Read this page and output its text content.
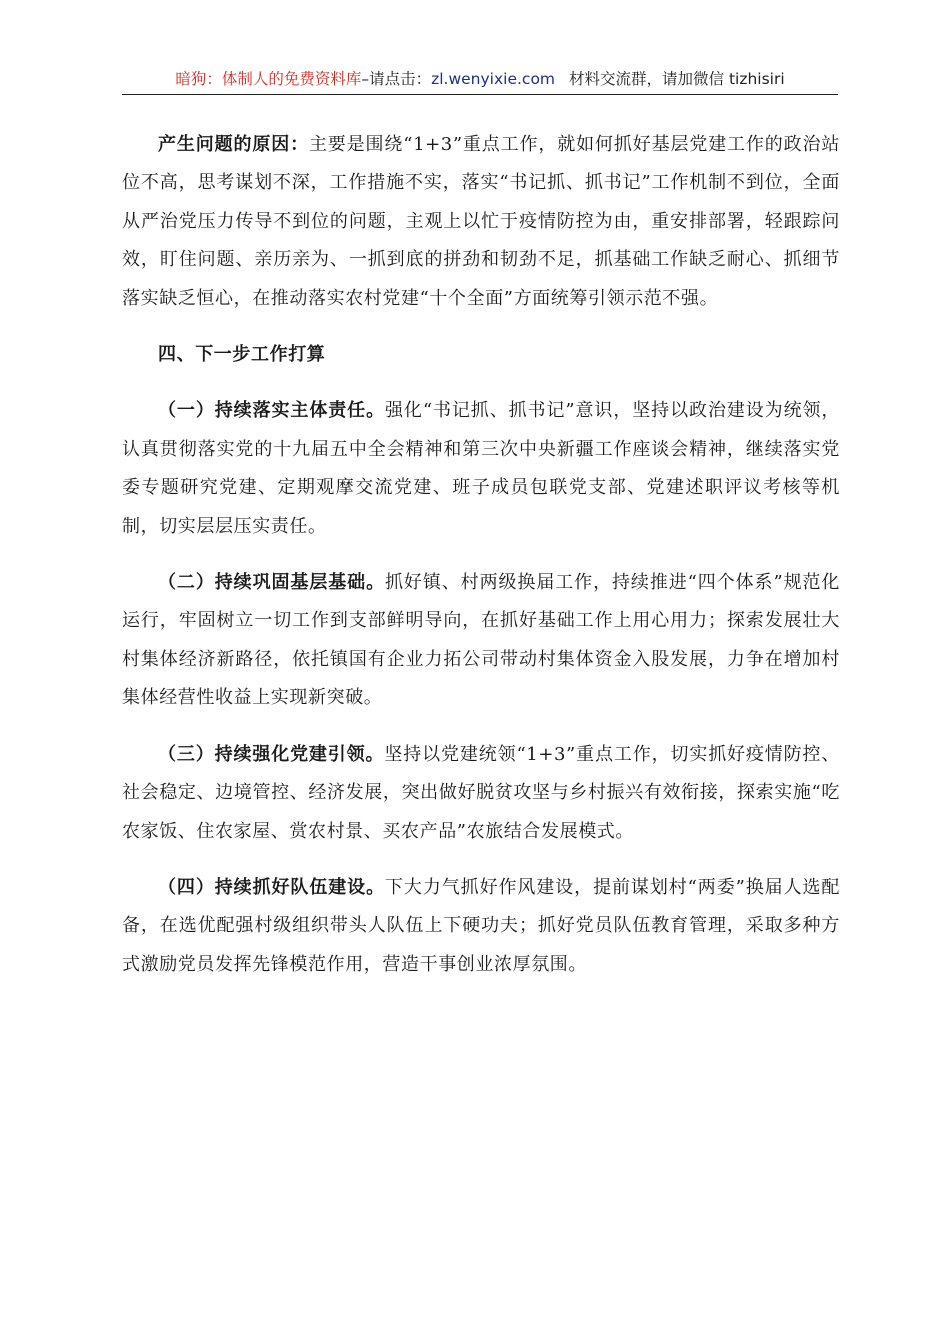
暗狗：体制人的免费资料库–请点击：zl.wenyixie.com 材料交流群，请加微信 tizhisiri

产生问题的原因：主要是围绕“1+3”重点工作，就如何抓好基层党建工作的政治站位不高，思考谋划不深，工作措施不实，落实“书记抓、抓书记”工作机制不到位，全面从严治党压力传导不到位的问题，主观上以忙于疫情防控为由，重安排部署，轻跟踪问效，盯住问题、亲历亲为、一抓到底的拼劲和韧劲不足，抓基础工作缺乏耐心、抓细节落实缺乏恒心，在推动落实农村党建“十个全面”方面统筹引领示范不强。

四、下一步工作打算

（一）持续落实主体责任。强化“书记抓、抓书记”意识，坚持以政治建设为统领，认真贯彻落实党的十九届五中全会精神和第三次中央新疆工作座谈会精神，继续落实党委专题研究党建、定期观摩交流党建、班子成员包联党支部、党建述职评议考核等机制，切实层层压实责任。

（二）持续巩固基层基础。抓好镇、村两级换届工作，持续推进“四个体系”规范化运行，牢固树立一切工作到支部鲜明导向，在抓好基础工作上用心用力；探索发展壮大村集体经济新路径，依托镇国有企业力拓公司带动村集体资金入股发展，力争在增加村集体经营性收益上实现新突破。

（三）持续强化党建引领。坚持以党建统领“1+3”重点工作，切实抓好疫情防控、社会稳定、边境管控、经济发展，突出做好脱贫攻坚与乡村振兴有效衔接，探索实施“吃农家饭、住农家屋、赏农村景、买农产品”农旅结合发展模式。

（四）持续抓好队伍建设。下大力气抓好作风建设，提前谋划村“两委”换届人选配备，在选优配强村级组织带头人队伍上下硬功夫；抓好党员队伍教育管理，采取多种方式激励党员发挥先锋模范作用，营造干事创业浓厚氛围。
